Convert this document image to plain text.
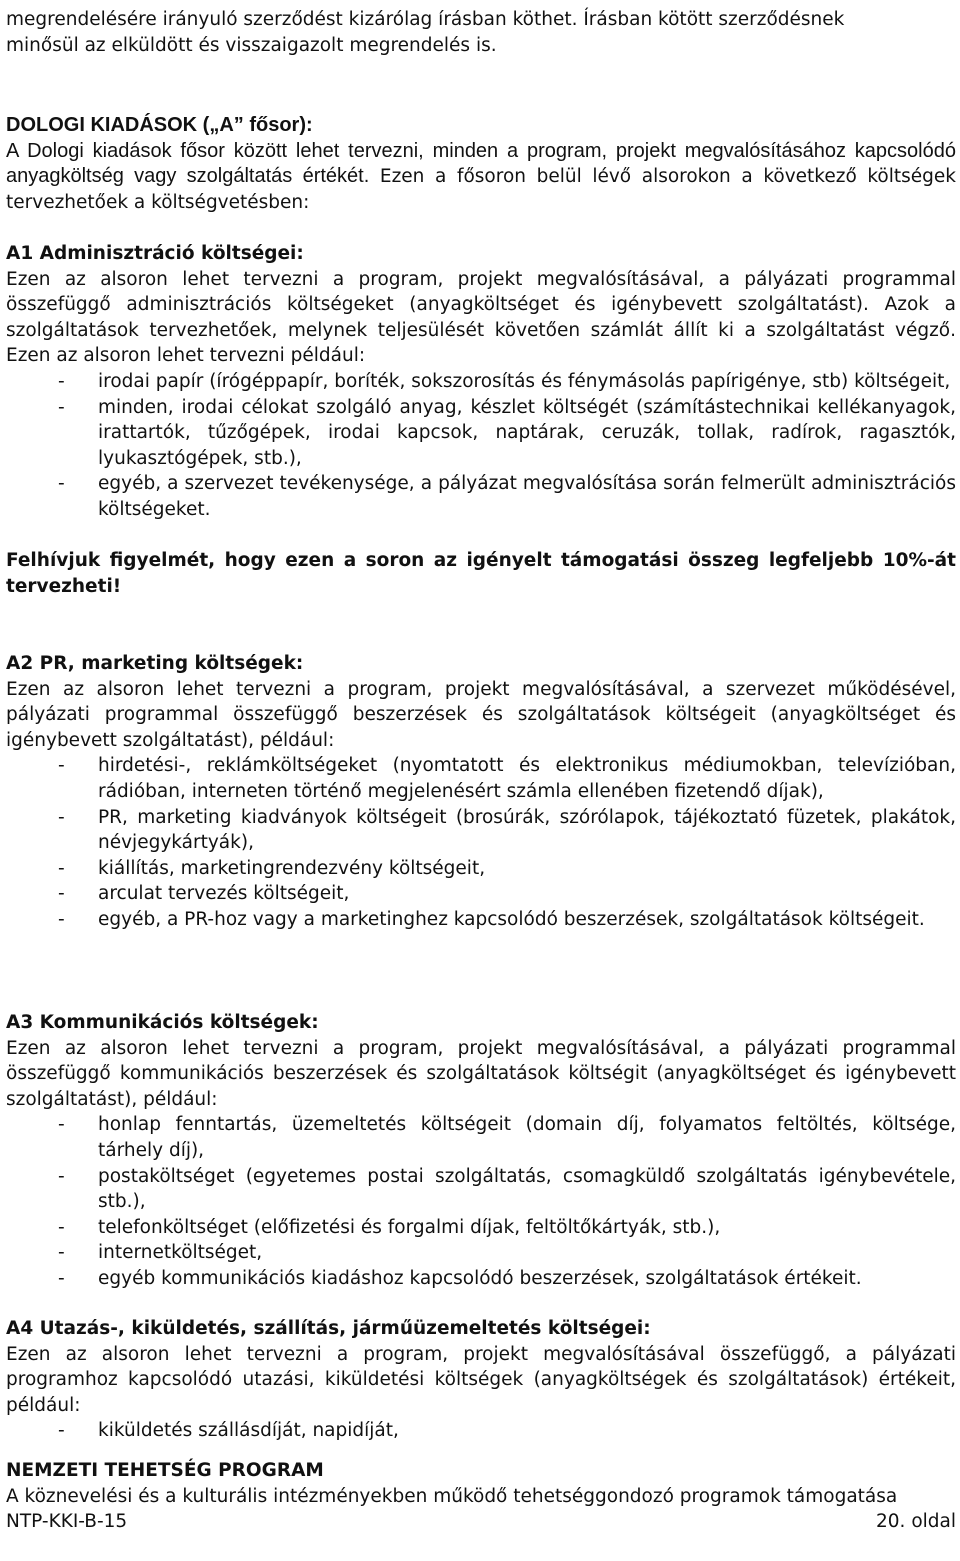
megrendelésére irányuló szerződést kizárólag írásban köthet. Írásban kötött szerződésnek

minősül az elküldött és visszaigazolt megrendelés is.

DOLOGI KIADÁSOK („A” fősor):

A Dologi kiadások fősor között lehet tervezni, minden a program, projekt megvalósításához kapcsolódó anyagköltség vagy szolgáltatás értékét. Ezen a fősoron belül lévő alsorokon a következő költségek tervezhetőek a költségvetésben:

A1 Adminisztráció költségei:

Ezen az alsoron lehet tervezni a program, projekt megvalósításával, a pályázati programmal összefüggő adminisztrációs költségeket (anyagköltséget és igénybevett szolgáltatást). Azok a szolgáltatások tervezhetőek, melynek teljesülését követően számlát állít ki a szolgáltatást végző. Ezen az alsoron lehet tervezni például:

- irodai papír (írógéppapír, boríték, sokszorosítás és fénymásolás papírigénye, stb) költségeit,

- minden, irodai célokat szolgáló anyag, készlet költségét (számítástechnikai kellékanyagok, irattartók, tűzőgépek, irodai kapcsok, naptárak, ceruzák, tollak, radírok, ragasztók, lyukasztógépek, stb.),

- egyéb, a szervezet tevékenysége, a pályázat megvalósítása során felmerült adminisztrációs költségeket.

Felhívjuk figyelmét, hogy ezen a soron az igényelt támogatási összeg legfeljebb 10%-át tervezheti!

A2 PR, marketing költségek:

Ezen az alsoron lehet tervezni a program, projekt megvalósításával, a szervezet működésével, pályázati programmal összefüggő beszerzések és szolgáltatások költségeit (anyagköltséget és igénybevett szolgáltatást), például:

- hirdetési-, reklámköltségeket (nyomtatott és elektronikus médiumokban, televízióban, rádióban, interneten történő megjelenésért számla ellenében fizetendő díjak),

- PR, marketing kiadványok költségeit (brosúrák, szórólapok, tájékoztató füzetek, plakátok, névjegykártyák),

- kiállítás, marketingrendezvény költségeit,

- arculat tervezés költségeit,

- egyéb, a PR-hoz vagy a marketinghez kapcsolódó beszerzések, szolgáltatások költségeit.

A3 Kommunikációs költségek:

Ezen az alsoron lehet tervezni a program, projekt megvalósításával, a pályázati programmal összefüggő kommunikációs beszerzések és szolgáltatások költségit (anyagköltséget és igénybevett szolgáltatást), például:

- honlap fenntartás, üzemeltetés költségeit (domain díj, folyamatos feltöltés, költsége, tárhely díj),

- postaköltséget (egyetemes postai szolgáltatás, csomagküldő szolgáltatás igénybevétele, stb.),

- telefonköltséget (előfizetési és forgalmi díjak, feltöltőkártyák, stb.),

- internetköltséget,

- egyéb kommunikációs kiadáshoz kapcsolódó beszerzések, szolgáltatások értékeit.

A4 Utazás-, kiküldetés, szállítás, járműüzemeltetés költségei:

Ezen az alsoron lehet tervezni a program, projekt megvalósításával összefüggő, a pályázati programhoz kapcsolódó utazási, kiküldetési költségek (anyagköltségek és szolgáltatások) értékeit, például:

- kiküldetés szállásdíját, napidíját,

NEMZETI TEHETSÉG PROGRAM
A köznevelési és a kulturális intézményekben működő tehetséggondozó programok támogatása
NTP-KKI-B-15	20. oldal
